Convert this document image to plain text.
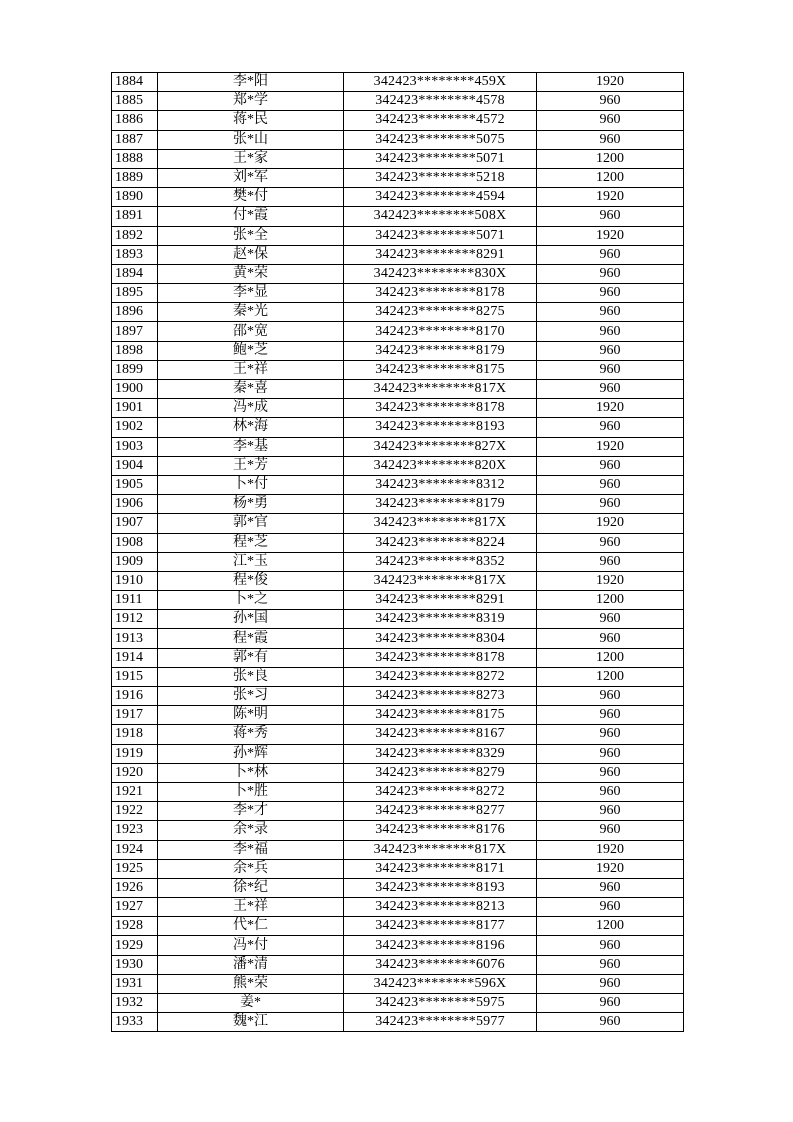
1884	李*阳	342423********459X	1920
1885	郑*学	342423********4578	960
1886	蒋*民	342423********4572	960
1887	张*山	342423********5075	960
1888	王*家	342423********5071	1200
1889	刘*军	342423********5218	1200
1890	樊*付	342423********4594	1920
1891	付*霞	342423********508X	960
1892	张*全	342423********5071	1920
1893	赵*保	342423********8291	960
1894	黄*荣	342423********830X	960
1895	李*显	342423********8178	960
1896	秦*光	342423********8275	960
1897	邵*宽	342423********8170	960
1898	鲍*芝	342423********8179	960
1899	王*祥	342423********8175	960
1900	秦*喜	342423********817X	960
1901	冯*成	342423********8178	1920
1902	林*海	342423********8193	960
1903	李*基	342423********827X	1920
1904	王*芳	342423********820X	960
1905	卜*付	342423********8312	960
1906	杨*勇	342423********8179	960
1907	郭*官	342423********817X	1920
1908	程*芝	342423********8224	960
1909	江*玉	342423********8352	960
1910	程*俊	342423********817X	1920
1911	卜*之	342423********8291	1200
1912	孙*国	342423********8319	960
1913	程*霞	342423********8304	960
1914	郭*有	342423********8178	1200
1915	张*良	342423********8272	1200
1916	张*习	342423********8273	960
1917	陈*明	342423********8175	960
1918	蒋*秀	342423********8167	960
1919	孙*辉	342423********8329	960
1920	卜*林	342423********8279	960
1921	卜*胜	342423********8272	960
1922	李*才	342423********8277	960
1923	余*录	342423********8176	960
1924	李*福	342423********817X	1920
1925	余*兵	342423********8171	1920
1926	徐*纪	342423********8193	960
1927	王*祥	342423********8213	960
1928	代*仁	342423********8177	1200
1929	冯*付	342423********8196	960
1930	潘*清	342423********6076	960
1931	熊*荣	342423********596X	960
1932	姜*	342423********5975	960
1933	魏*江	342423********5977	960
